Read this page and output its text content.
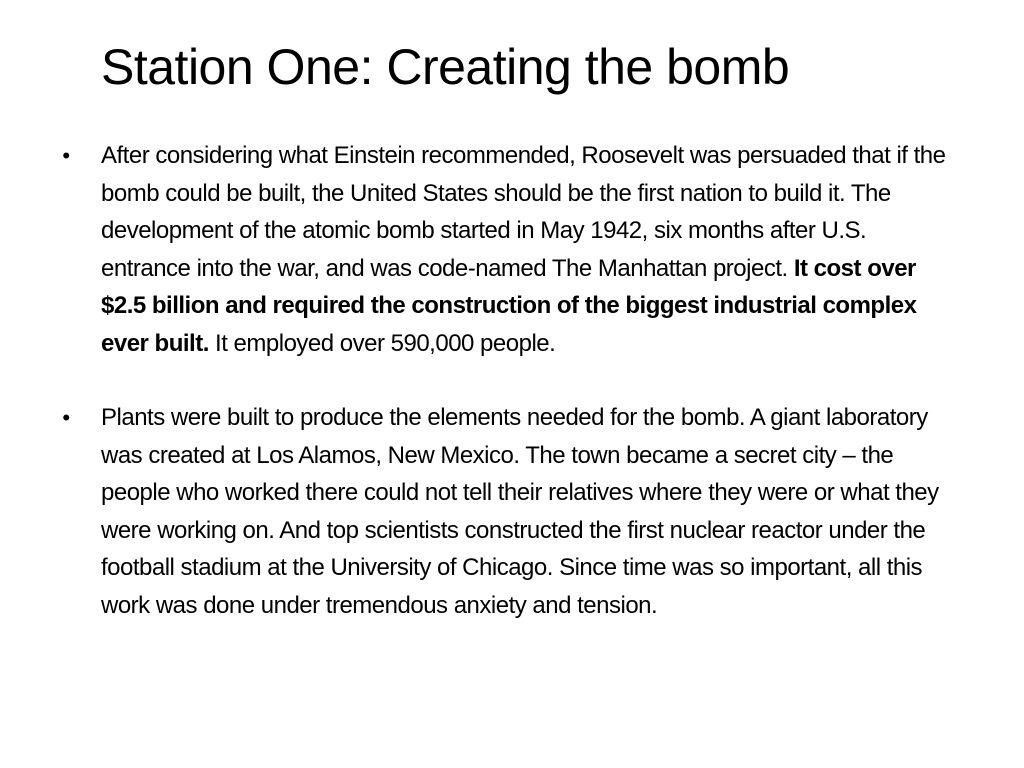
Station One: Creating the bomb
• After considering what Einstein recommended, Roosevelt was persuaded that if the bomb could be built, the United States should be the first nation to build it. The development of the atomic bomb started in May 1942, six months after U.S. entrance into the war, and was code-named The Manhattan project. It cost over $2.5 billion and required the construction of the biggest industrial complex ever built. It employed over 590,000 people.
• Plants were built to produce the elements needed for the bomb. A giant laboratory was created at Los Alamos, New Mexico. The town became a secret city – the people who worked there could not tell their relatives where they were or what they were working on. And top scientists constructed the first nuclear reactor under the football stadium at the University of Chicago. Since time was so important, all this work was done under tremendous anxiety and tension.
